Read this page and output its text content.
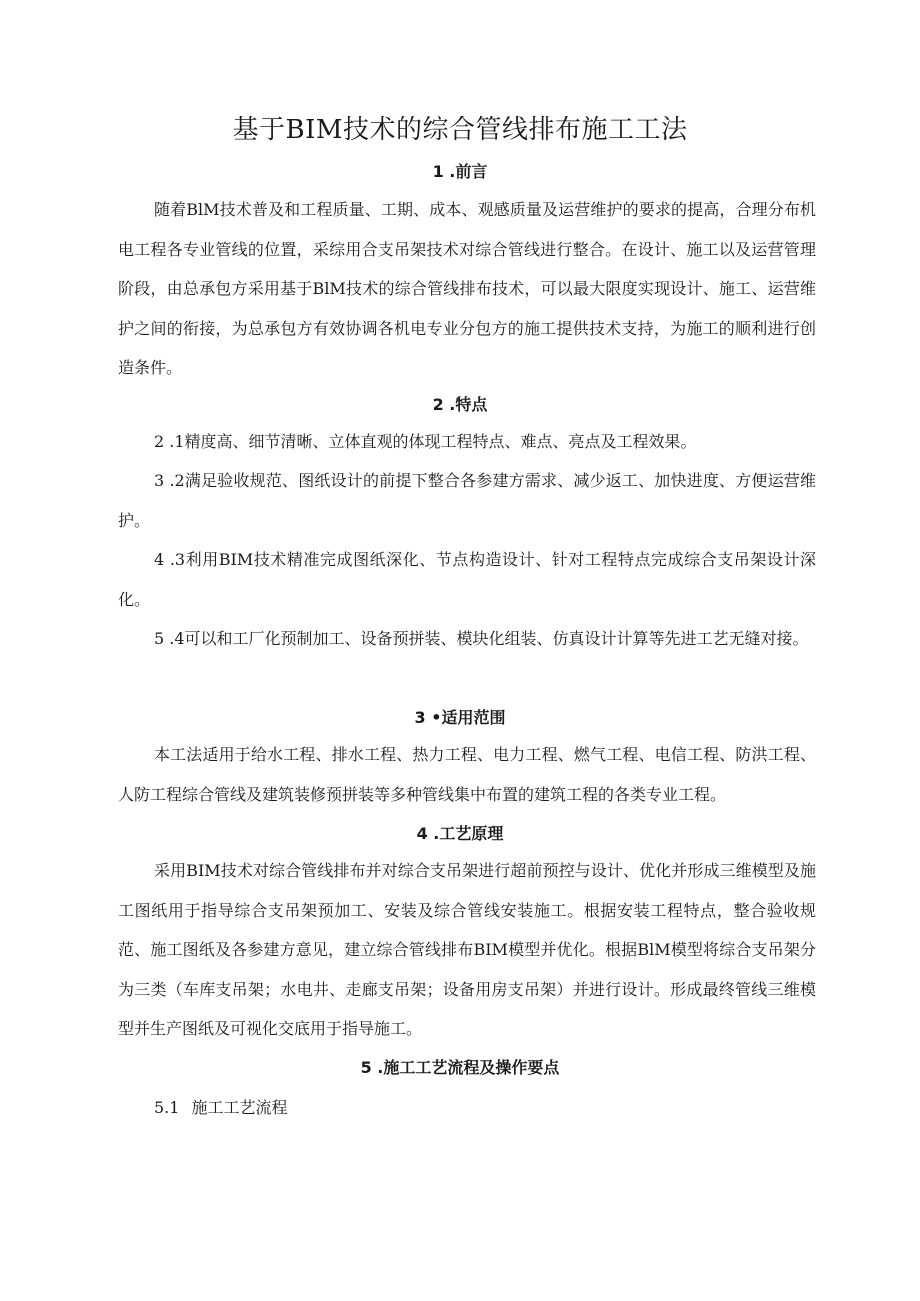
基于BIM技术的综合管线排布施工工法
1 .前言

随着BlM技术普及和工程质量、工期、成本、观感质量及运营维护的要求的提高，合理分布机电工程各专业管线的位置，采综用合支吊架技术对综合管线进行整合。在设计、施工以及运营管理阶段，由总承包方采用基于BlM技术的综合管线排布技术，可以最大限度实现设计、施工、运营维护之间的衔接，为总承包方有效协调各机电专业分包方的施工提供技术支持，为施工的顺利进行创造条件。

2 .特点

2 .1精度高、细节清晰、立体直观的体现工程特点、难点、亮点及工程效果。

3 .2满足验收规范、图纸设计的前提下整合各参建方需求、减少返工、加快进度、方便运营维护。

4 .3利用BIM技术精准完成图纸深化、节点构造设计、针对工程特点完成综合支吊架设计深化。

5 .4可以和工厂化预制加工、设备预拼装、模块化组装、仿真设计计算等先进工艺无缝对接。

3 •适用范围

本工法适用于给水工程、排水工程、热力工程、电力工程、燃气工程、电信工程、防洪工程、人防工程综合管线及建筑装修预拼装等多种管线集中布置的建筑工程的各类专业工程。

4 .工艺原理

采用BIM技术对综合管线排布并对综合支吊架进行超前预控与设计、优化并形成三维模型及施工图纸用于指导综合支吊架预加工、安装及综合管线安装施工。根据安装工程特点，整合验收规范、施工图纸及各参建方意见，建立综合管线排布BIM模型并优化。根据BlM模型将综合支吊架分为三类（车库支吊架；水电井、走廊支吊架；设备用房支吊架）并进行设计。形成最终管线三维模型并生产图纸及可视化交底用于指导施工。

5 .施工工艺流程及操作要点
5.1 施工工艺流程
